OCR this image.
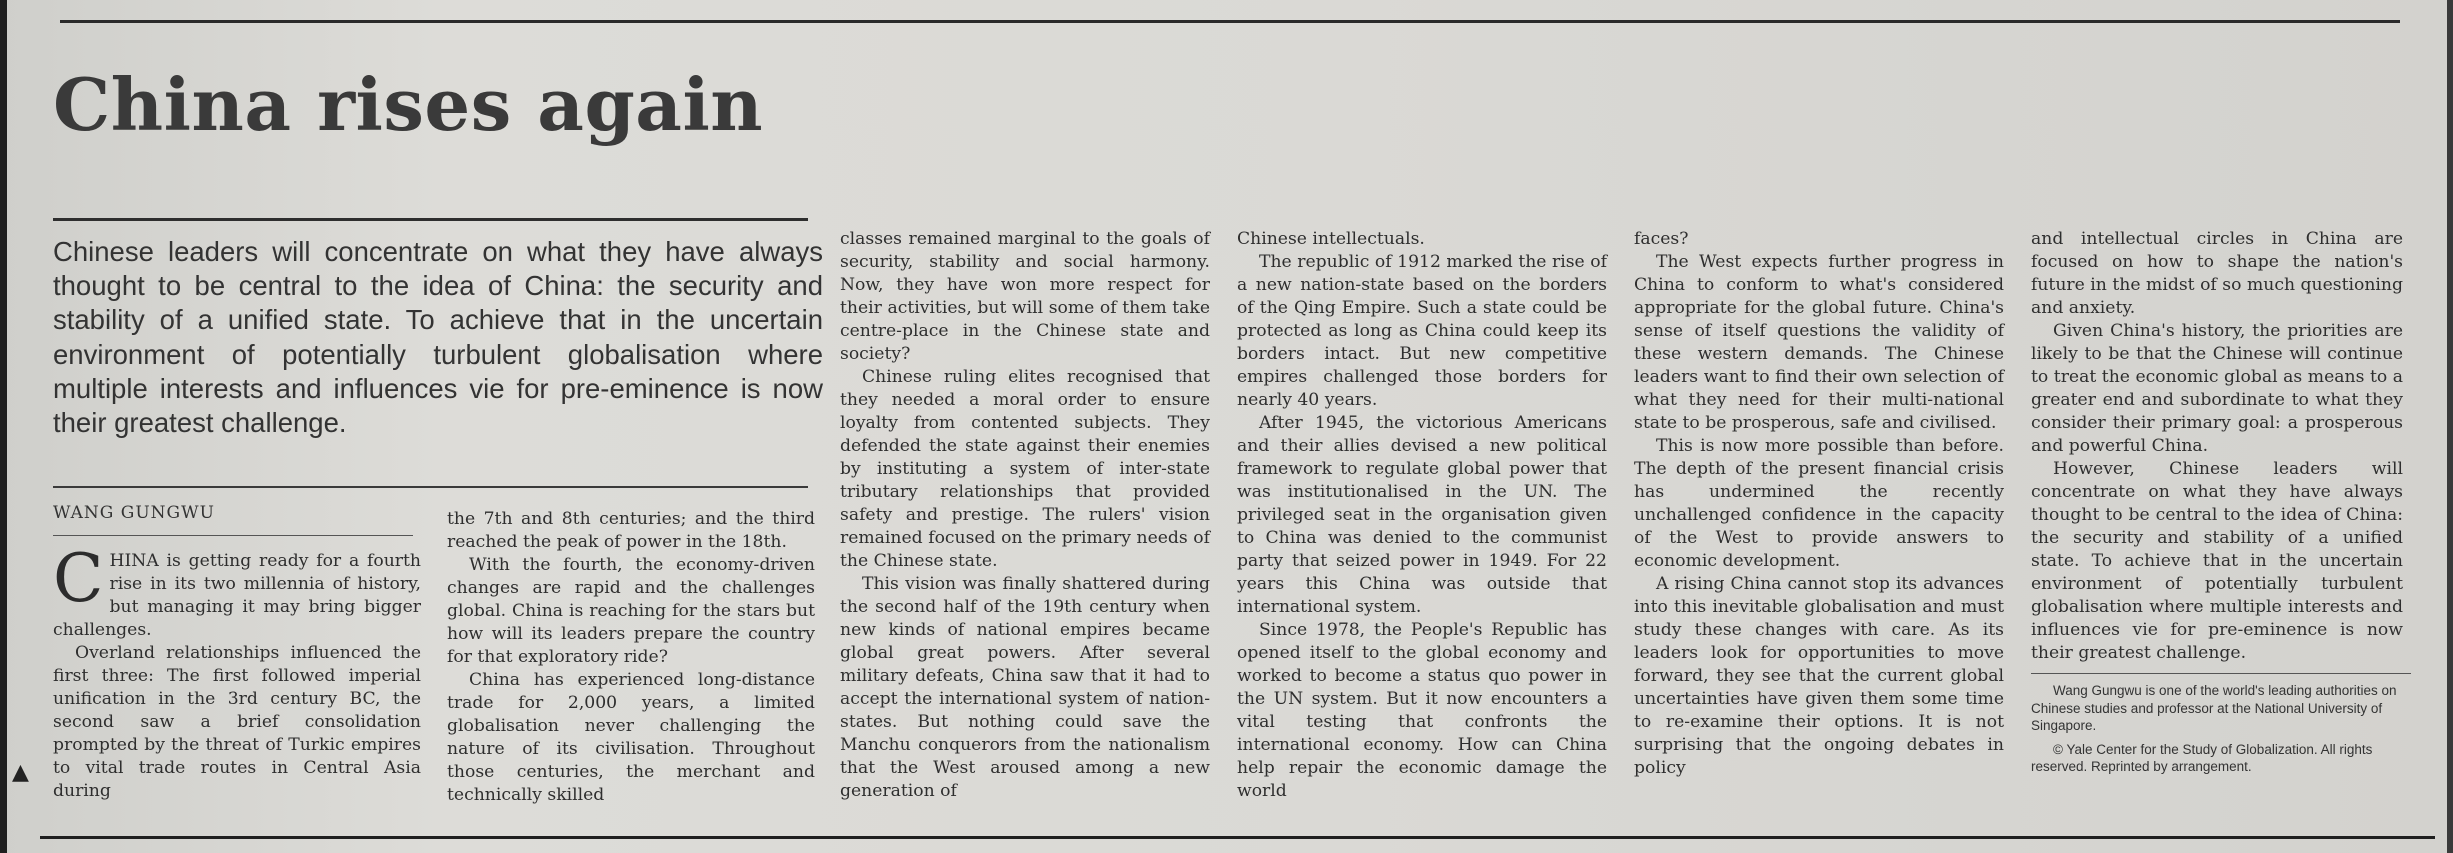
China rises again

Chinese leaders will concentrate on what they have always thought to be central to the idea of China: the security and stability of a unified state. To achieve that in the uncertain environment of potentially turbulent globalisation where multiple interests and influences vie for pre-eminence is now their greatest challenge.

WANG GUNGWU

CHINA is getting ready for a fourth rise in its two millennia of history, but managing it may bring bigger challenges.

Overland relationships influenced the first three: The first followed imperial unification in the 3rd century BC, the second saw a brief consolidation prompted by the threat of Turkic empires to vital trade routes in Central Asia during

the 7th and 8th centuries; and the third reached the peak of power in the 18th.

With the fourth, the economy-driven changes are rapid and the challenges global. China is reaching for the stars but how will its leaders prepare the country for that exploratory ride?

China has experienced long-distance trade for 2,000 years, a limited globalisation never challenging the nature of its civilisation. Throughout those centuries, the merchant and technically skilled

classes remained marginal to the goals of security, stability and social harmony. Now, they have won more respect for their activities, but will some of them take centre-place in the Chinese state and society?

Chinese ruling elites recognised that they needed a moral order to ensure loyalty from contented subjects. They defended the state against their enemies by instituting a system of inter-state tributary relationships that provided safety and prestige. The rulers' vision remained focused on the primary needs of the Chinese state.

This vision was finally shattered during the second half of the 19th century when new kinds of national empires became global great powers. After several military defeats, China saw that it had to accept the international system of nation-states. But nothing could save the Manchu conquerors from the nationalism that the West aroused among a new generation of

Chinese intellectuals.

The republic of 1912 marked the rise of a new nation-state based on the borders of the Qing Empire. Such a state could be protected as long as China could keep its borders intact. But new competitive empires challenged those borders for nearly 40 years.

After 1945, the victorious Americans and their allies devised a new political framework to regulate global power that was institutionalised in the UN. The privileged seat in the organisation given to China was denied to the communist party that seized power in 1949. For 22 years this China was outside that international system.

Since 1978, the People's Republic has opened itself to the global economy and worked to become a status quo power in the UN system. But it now encounters a vital testing that confronts the international economy. How can China help repair the economic damage the world

faces?

The West expects further progress in China to conform to what's considered appropriate for the global future. China's sense of itself questions the validity of these western demands. The Chinese leaders want to find their own selection of what they need for their multi-national state to be prosperous, safe and civilised.

This is now more possible than before. The depth of the present financial crisis has undermined the recently unchallenged confidence in the capacity of the West to provide answers to economic development.

A rising China cannot stop its advances into this inevitable globalisation and must study these changes with care. As its leaders look for opportunities to move forward, they see that the current global uncertainties have given them some time to re-examine their options. It is not surprising that the ongoing debates in policy

and intellectual circles in China are focused on how to shape the nation's future in the midst of so much questioning and anxiety.

Given China's history, the priorities are likely to be that the Chinese will continue to treat the economic global as means to a greater end and subordinate to what they consider their primary goal: a prosperous and powerful China.

However, Chinese leaders will concentrate on what they have always thought to be central to the idea of China: the security and stability of a unified state. To achieve that in the uncertain environment of potentially turbulent globalisation where multiple interests and influences vie for pre-eminence is now their greatest challenge.

Wang Gungwu is one of the world's leading authorities on Chinese studies and professor at the National University of Singapore.

© Yale Center for the Study of Globalization. All rights reserved. Reprinted by arrangement.

▲
